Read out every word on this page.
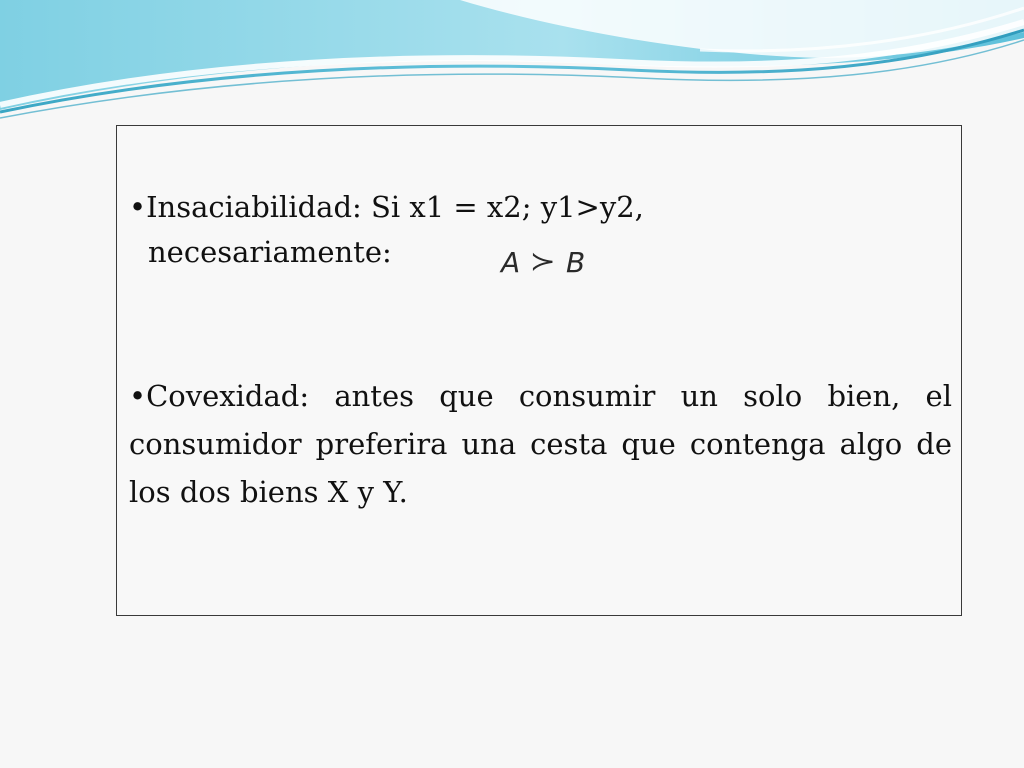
•Insaciabilidad: Si x1 = x2; y1>y2,
necesariamente:	A ≻ B
•Covexidad: antes que consumir un solo bien, el consumidor preferira una cesta que contenga algo de los dos biens X y Y.
